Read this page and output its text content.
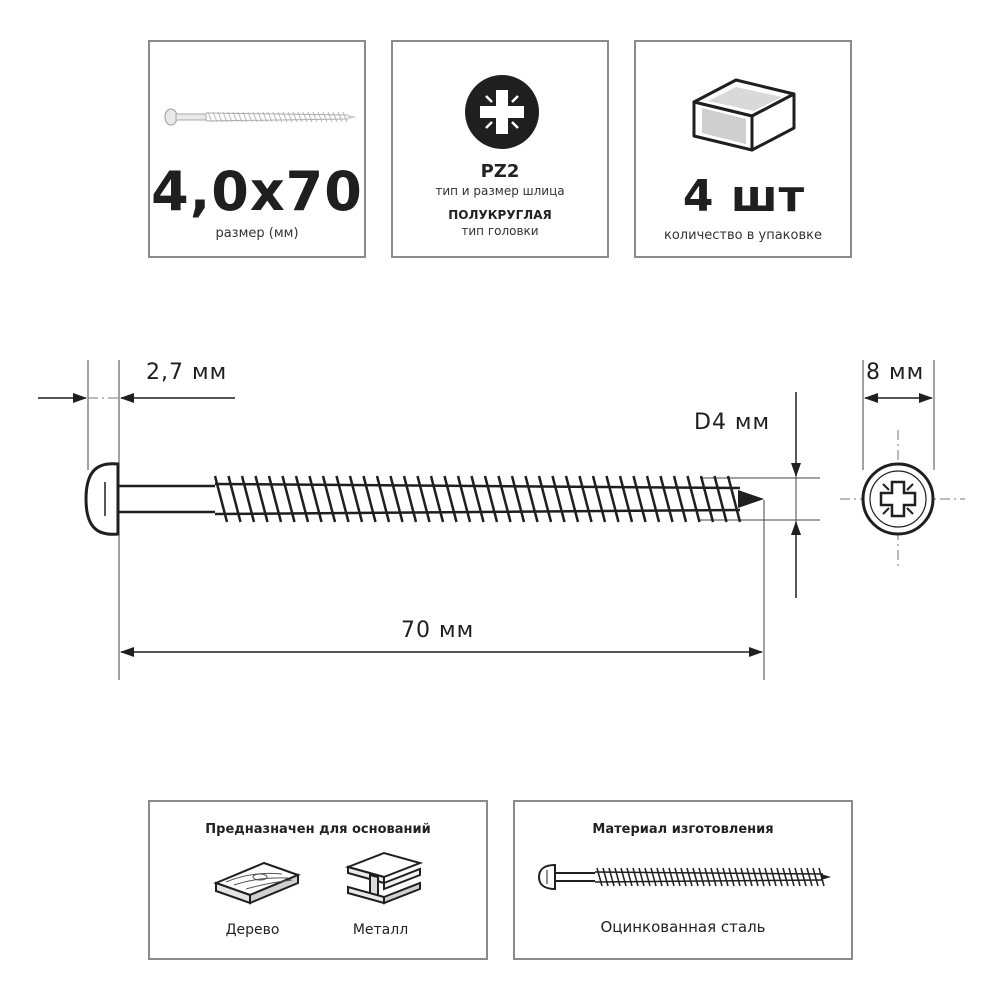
4,0x70
размер (мм)
PZ2
тип и размер шлица
ПОЛУКРУГЛАЯ
тип головки
4 шт
количество в упаковке
2,7 мм	8 мм
D4 мм
70 мм
Предназначен для оснований
Дерево	Металл
Материал изготовления
Оцинкованная сталь
